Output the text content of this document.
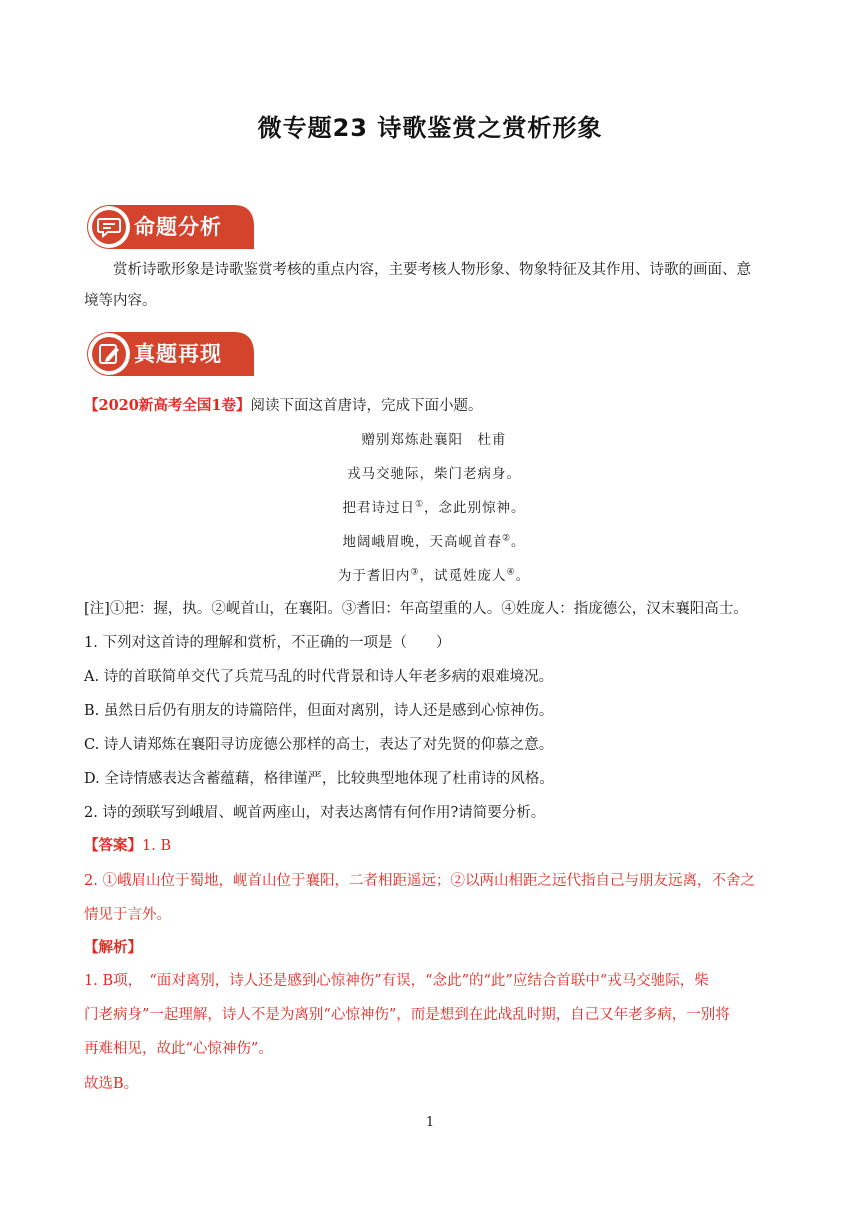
微专题23 诗歌鉴赏之赏析形象
命题分析
赏析诗歌形象是诗歌鉴赏考核的重点内容，主要考核人物形象、物象特征及其作用、诗歌的画面、意
境等内容。
真题再现
【2020新高考全国1卷】阅读下面这首唐诗，完成下面小题。
赠别郑炼赴襄阳　杜甫
戎马交驰际，柴门老病身。
把君诗过日①，念此别惊神。
地阔峨眉晚，天高岘首春②。
为于耆旧内③，试觅姓庞人④。
[注]①把：握，执。②岘首山，在襄阳。③耆旧：年高望重的人。④姓庞人：指庞德公，汉末襄阳高士。
1. 下列对这首诗的理解和赏析，不正确的一项是（　　）
A. 诗的首联简单交代了兵荒马乱的时代背景和诗人年老多病的艰难境况。
B. 虽然日后仍有朋友的诗篇陪伴，但面对离别，诗人还是感到心惊神伤。
C. 诗人请郑炼在襄阳寻访庞德公那样的高士，表达了对先贤的仰慕之意。
D. 全诗情感表达含蓄蕴藉，格律谨严，比较典型地体现了杜甫诗的风格。
2. 诗的颈联写到峨眉、岘首两座山，对表达离情有何作用?请简要分析。
【答案】1. B
2. ①峨眉山位于蜀地，岘首山位于襄阳，二者相距遥远；②以两山相距之远代指自己与朋友远离，不舍之
情见于言外。
【解析】
1. B项，　“面对离别，诗人还是感到心惊神伤”有误，“念此”的“此”应结合首联中“戎马交驰际，柴
门老病身”一起理解，诗人不是为离别“心惊神伤”，而是想到在此战乱时期，自己又年老多病，一别将
再难相见，故此“心惊神伤”。
故选B。
1
